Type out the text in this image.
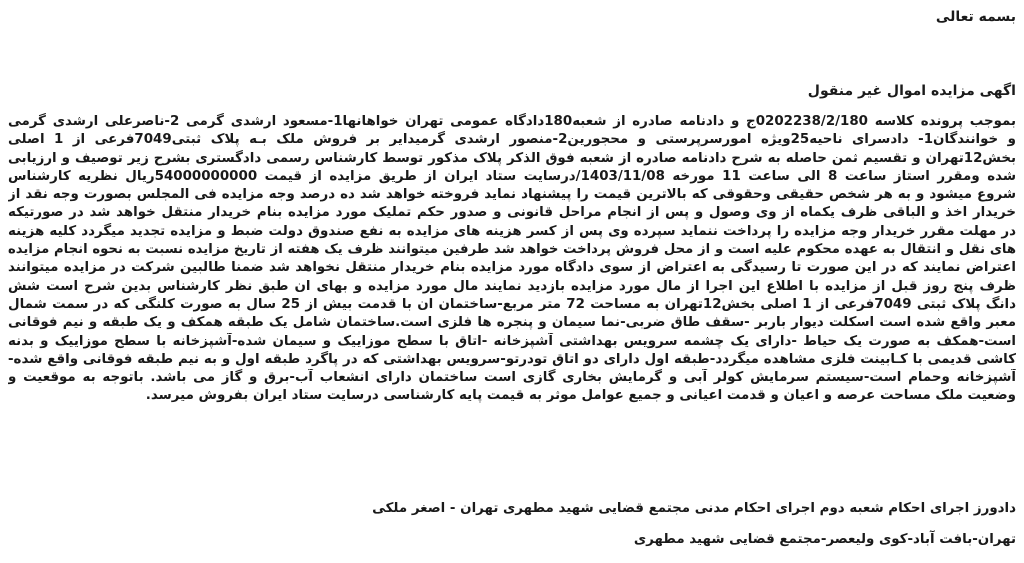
بسمه تعالی
اگهی مزایده اموال غیر منقول
بموجب پرونده کلاسه 0202238/2/180ج و دادنامه صادره از شعبه180دادگاه عمومی تهران خواهانها1-مسعود ارشدی گرمی 2-ناصرعلی ارشدی گرمی
و خوانندگان1- دادسرای ناحیه25ویژه امورسرپرستی و محجورین2-منصور ارشدی گرمیدایر بر فروش ملک بـه پلاک ثبتی7049فرعی از 1 اصلی
بخش12تهران و تقسیم ثمن حاصله به شرح دادنامه صادره از شعبه فوق الذکر پلاک مذکور توسط کارشناس رسمی دادگستری بشرح زیر توصیف و ارزیابی
شده ومقرر استاز ساعت 8 الی ساعت 11 مورخه 1403/11/08/درسایت ستاد ایران از طریق مزایده از قیمت 54000000000ریال نظریه کارشناس
شروع میشود و به هر شخص حقیقی وحقوقی که بالاترین قیمت را پیشنهاد نماید فروخته خواهد شد ده درصد وجه مزایده فی المجلس بصورت وجه نقد از
خریدار اخذ و الباقی ظرف یکماه از وی وصول و پس از انجام مراحل قانونی و صدور حکم تملیک مورد مزایده بنام خریدار منتقل خواهد شد در صورتیکه
در مهلت مقرر خریدار وجه مزایده را پرداخت ننماید سپرده وی پس از کسر هزینه های مزایده به نفع صندوق دولت ضبط و مزایده تجدید میگردد کلیه هزینه
های نقل و انتقال به عهده محکوم علیه است و از محل فروش پرداخت خواهد شد طرفین میتوانند ظرف یک هفته از تاریخ مزایده نسبت به نحوه انجام مزایده
اعتراض نمایند که در این صورت تا رسیدگی به اعتراض از سوی دادگاه مورد مزایده بنام خریدار منتقل نخواهد شد ضمنا طالبین شرکت در مزایده میتوانند
ظرف پنج روز قبل از مزایده با اطلاع این اجرا از مال مورد مزایده بازدید نمایند مال مورد مزایده و بهای ان طبق نظر کارشناس بدین شرح است شش
دانگ پلاک ثبتی 7049فرعی از 1 اصلی بخش12تهران به مساحت 72 متر مربع-ساختمان ان با قدمت بیش از 25 سال به صورت کلنگی که در سمت شمال
معبر واقع شده است اسکلت دیوار باربر -سقف طاق ضربی-نما سیمان و پنجره ها فلزی است.ساختمان شامل یک طبقه همکف و یک طبقه و نیم فوقانی
است-همکف به صورت یک حیاط -دارای یک چشمه سرویس بهداشتی آشپزخانه -اتاق با سطح موزاییک و سیمان شده-آشپزخانه با سطح موزاییک و بدنه
کاشی قدیمی با کـابینت فلزی مشاهده میگردد-طبقه اول دارای دو اتاق تودرتو-سرویس بهداشتی که در پاگرد طبقه اول و به نیم طبقه فوقانی واقع شده-
آشپزخانه وحمام است-سیستم سرمایش کولر آبی و گرمایش بخاری گازی است ساختمان دارای انشعاب آب-برق و گاز می باشد. باتوجه به موقعیت و
وضعیت ملک مساحت عرصه و اعیان و قدمت اعیانی و جمیع عوامل موثر به قیمت پایه کارشناسی درسایت ستاد ایران بفروش میرسد.
دادورز اجرای احکام شعبه دوم اجرای احکام مدنی مجتمع قضایی شهید مطهری تهران - اصغر ملکی
تهران-بافت آباد-کوی ولیعصر-مجتمع قضایی شهید مطهری
